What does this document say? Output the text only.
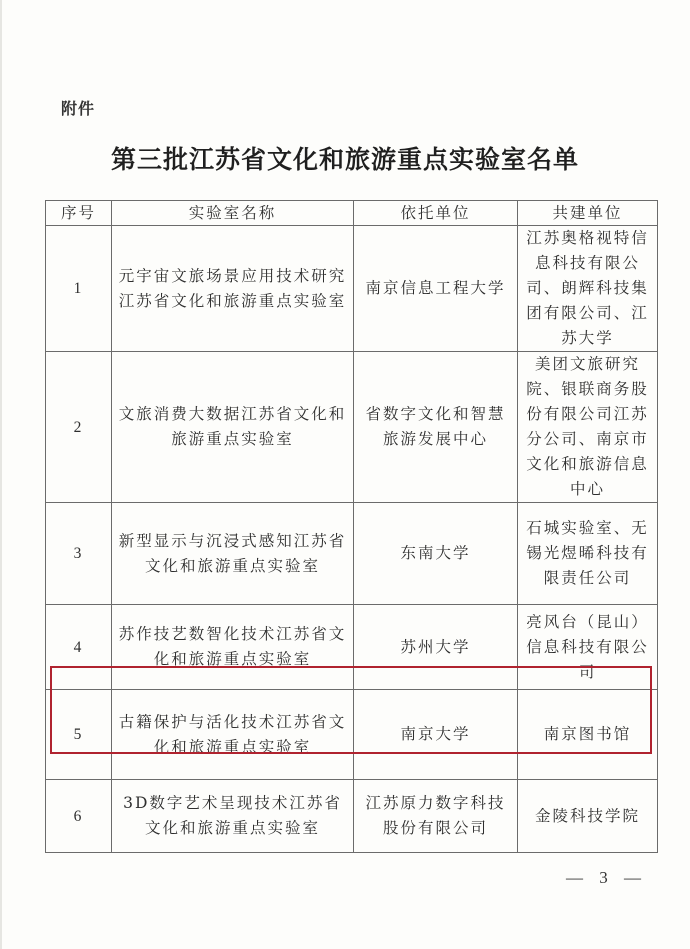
附件
第三批江苏省文化和旅游重点实验室名单
序号	实验室名称	依托单位	共建单位
1	元宇宙文旅场景应用技术研究江苏省文化和旅游重点实验室	南京信息工程大学	江苏奥格视特信息科技有限公司、朗辉科技集团有限公司、江苏大学
2	文旅消费大数据江苏省文化和旅游重点实验室	省数字文化和智慧旅游发展中心	美团文旅研究院、银联商务股份有限公司江苏分公司、南京市文化和旅游信息中心
3	新型显示与沉浸式感知江苏省文化和旅游重点实验室	东南大学	石城实验室、无锡光煜晞科技有限责任公司
4	苏作技艺数智化技术江苏省文化和旅游重点实验室	苏州大学	亮风台（昆山）信息科技有限公司
5	古籍保护与活化技术江苏省文化和旅游重点实验室	南京大学	南京图书馆
6	3D数字艺术呈现技术江苏省文化和旅游重点实验室	江苏原力数字科技股份有限公司	金陵科技学院
— 3 —
